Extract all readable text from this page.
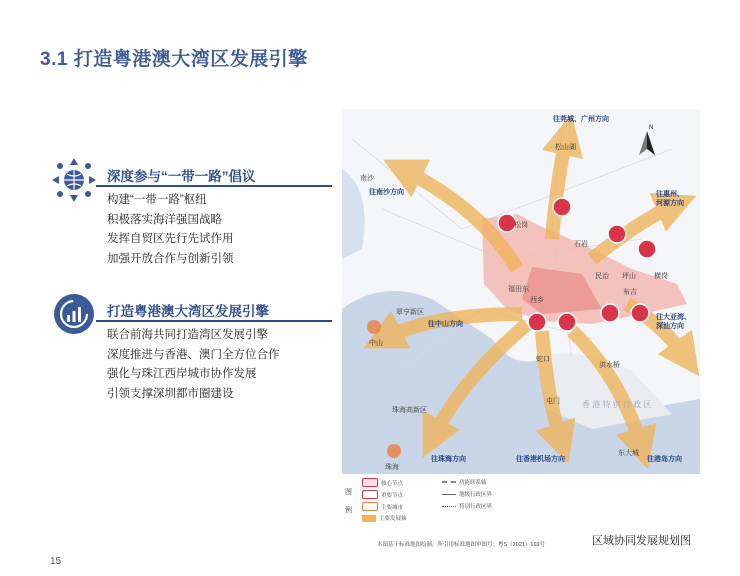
3.1 打造粤港澳大湾区发展引擎
深度参与“一带一路”倡议
构建“一带一路”枢纽
积极落实海洋强国战略
发挥自贸区先行先试作用
加强开放合作与创新引领
打造粤港澳大湾区发展引擎
联合前海共同打造湾区发展引擎
深度推进与香港、澳门全方位合作
强化与珠江西岸城市协作发展
引领支撑深圳都市圈建设
N
南沙
松山湖
松岗
石岩
民治 坪山
布吉
横岗
西乡
福田东
翠亨新区
中山
蛇口
洪水桥
屯门
东大城
珠海高新区
珠海
香 港 特 别 行 政 区
往莞城、广州方向
往南沙方向	往惠州、
河源方向
往中山方向
往大亚湾、
深汕方向
往珠海方向	往香港机场方向	往港岛方向
图例
核心节点
重要节点
主要城市
主要发展轴
功能联系轴
地级行政区界
特别行政区界
本图基于标准地图绘制，所引用标准地图审图号：粤S（2021）169号	区域协同发展规划图
15
